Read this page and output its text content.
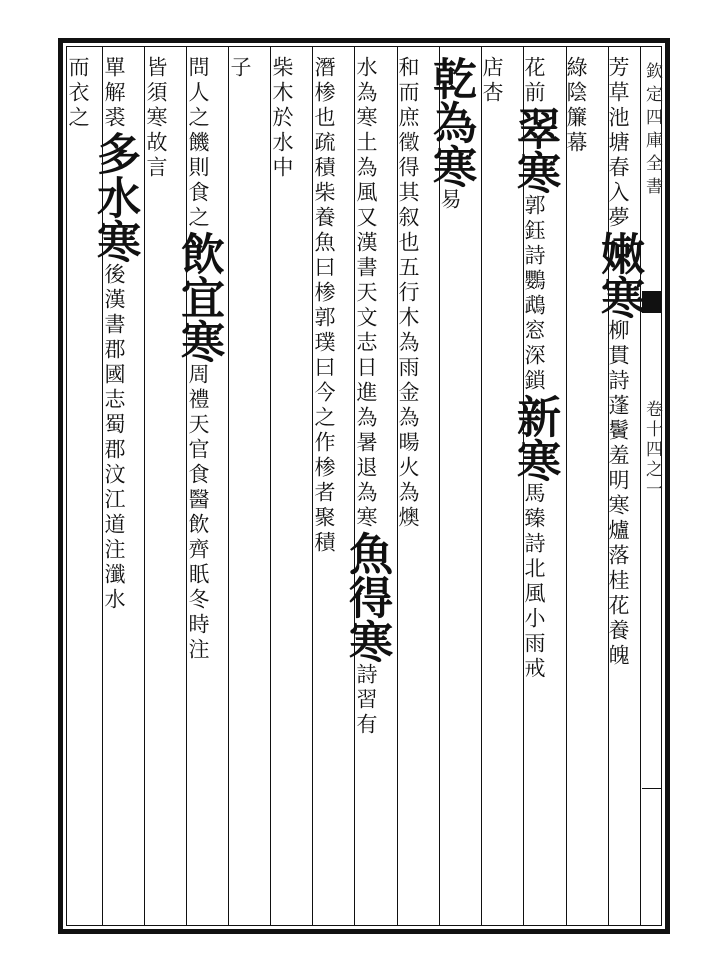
欽定四庫全書
卷十四之一
芳草池塘春入夢嫩寒柳貫詩蓬鬢羞明寒爐落桂花養魄
綠陰簾幕
花前翠寒郭鈺詩鸚鵡窓深鎖新寒馬臻詩北風小雨戒
店杏
乾為寒易
和而庶徵得其叙也五行木為雨金為暘火為燠
水為寒土為風又漢書天文志日進為暑退為寒魚得寒詩習有
潛椮也疏積柴養魚曰椮郭璞曰今之作椮者聚積
柴木於水中
子
問人之饑則食之飲宜寒周禮天官食醫飲齊眂冬時注
皆須寒故言
單解裘多水寒後漢書郡國志蜀郡汶江道注瀸水
而衣之
